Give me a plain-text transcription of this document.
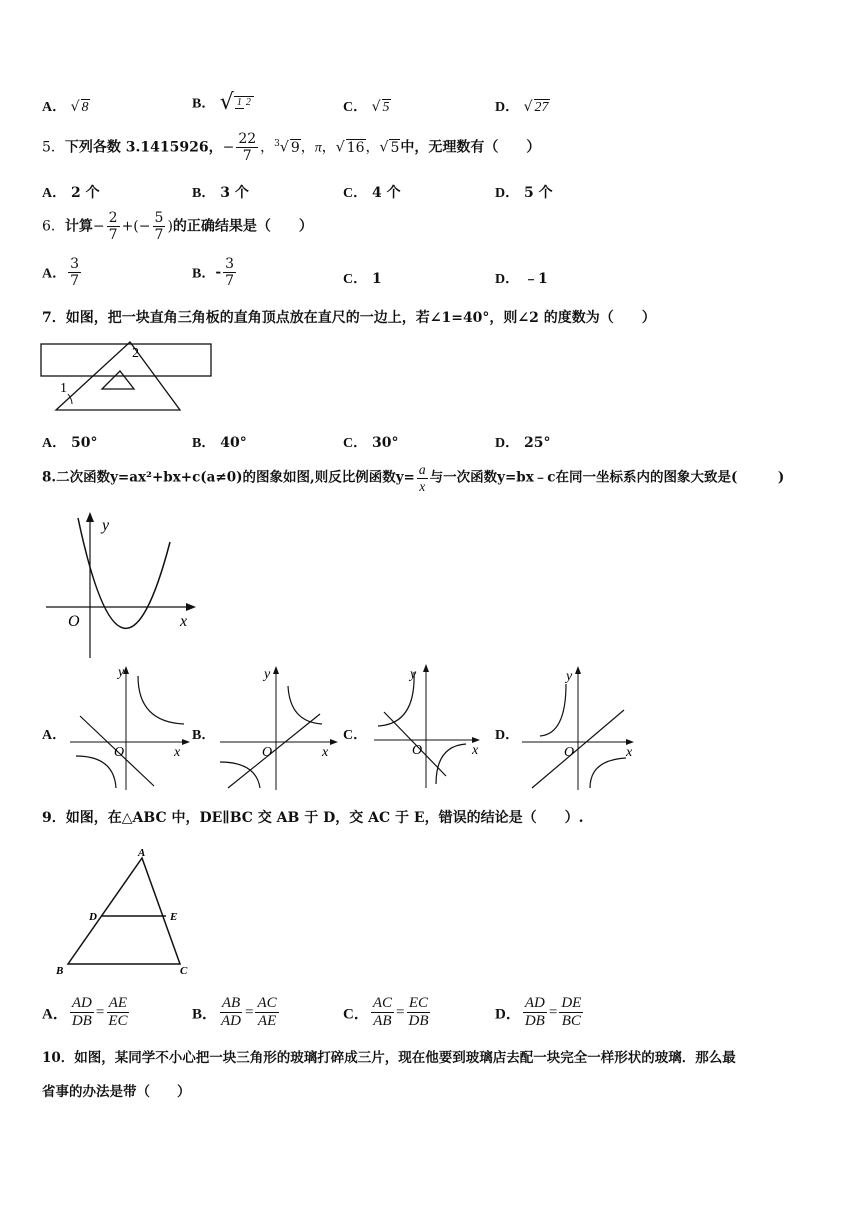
A． √ 8	B． √ 1 2	C． √ 5	D． √ 27
5．下列各数 3.1415926，− $\frac{22}{7}$ ，$^3$√ 9，π，√ 16，√ 5中，无理数有（　　）
A． 2 个	B． 3 个	C． 4 个	D． 5 个
6．计算− $\frac{2}{7}$ +(− $\frac{5}{7}$ )的正确结果是（　　）
A． $\frac{3}{7}$	B．- $\frac{3}{7}$	C． 1	D． ﹣1
7．如图，把一块直角三角板的直角顶点放在直尺的一边上，若∠1=40°，则∠2 的度数为（　　）
1
2
A． 50°	B． 40°	C． 30°	D． 25°
8.二次函数y=ax²+bx+c(a≠0)的图象如图,则反比例函数$y= \frac{a}{x}$ 与一次函数y=bx﹣c在同一坐标系内的图象大致是(　　　)
y
x
O
A．
y
x
O
B．
y
x
O
C．
y
x
O
D．
y
x
O
9．如图，在△ABC 中，DE∥BC 交 AB 于 D，交 AC 于 E，错误的结论是（　　）.
A
B	C
D	E
A． $\frac{AD}{DB} = \frac{AE}{EC}$	B． $\frac{AB}{AD} = \frac{AC}{AE}$	C． $\frac{AC}{AB} = \frac{EC}{DB}$	D． $\frac{AD}{DB} = \frac{DE}{BC}$
10．如图，某同学不小心把一块三角形的玻璃打碎成三片，现在他要到玻璃店去配一块完全一样形状的玻璃．那么最
省事的办法是带（　　）
